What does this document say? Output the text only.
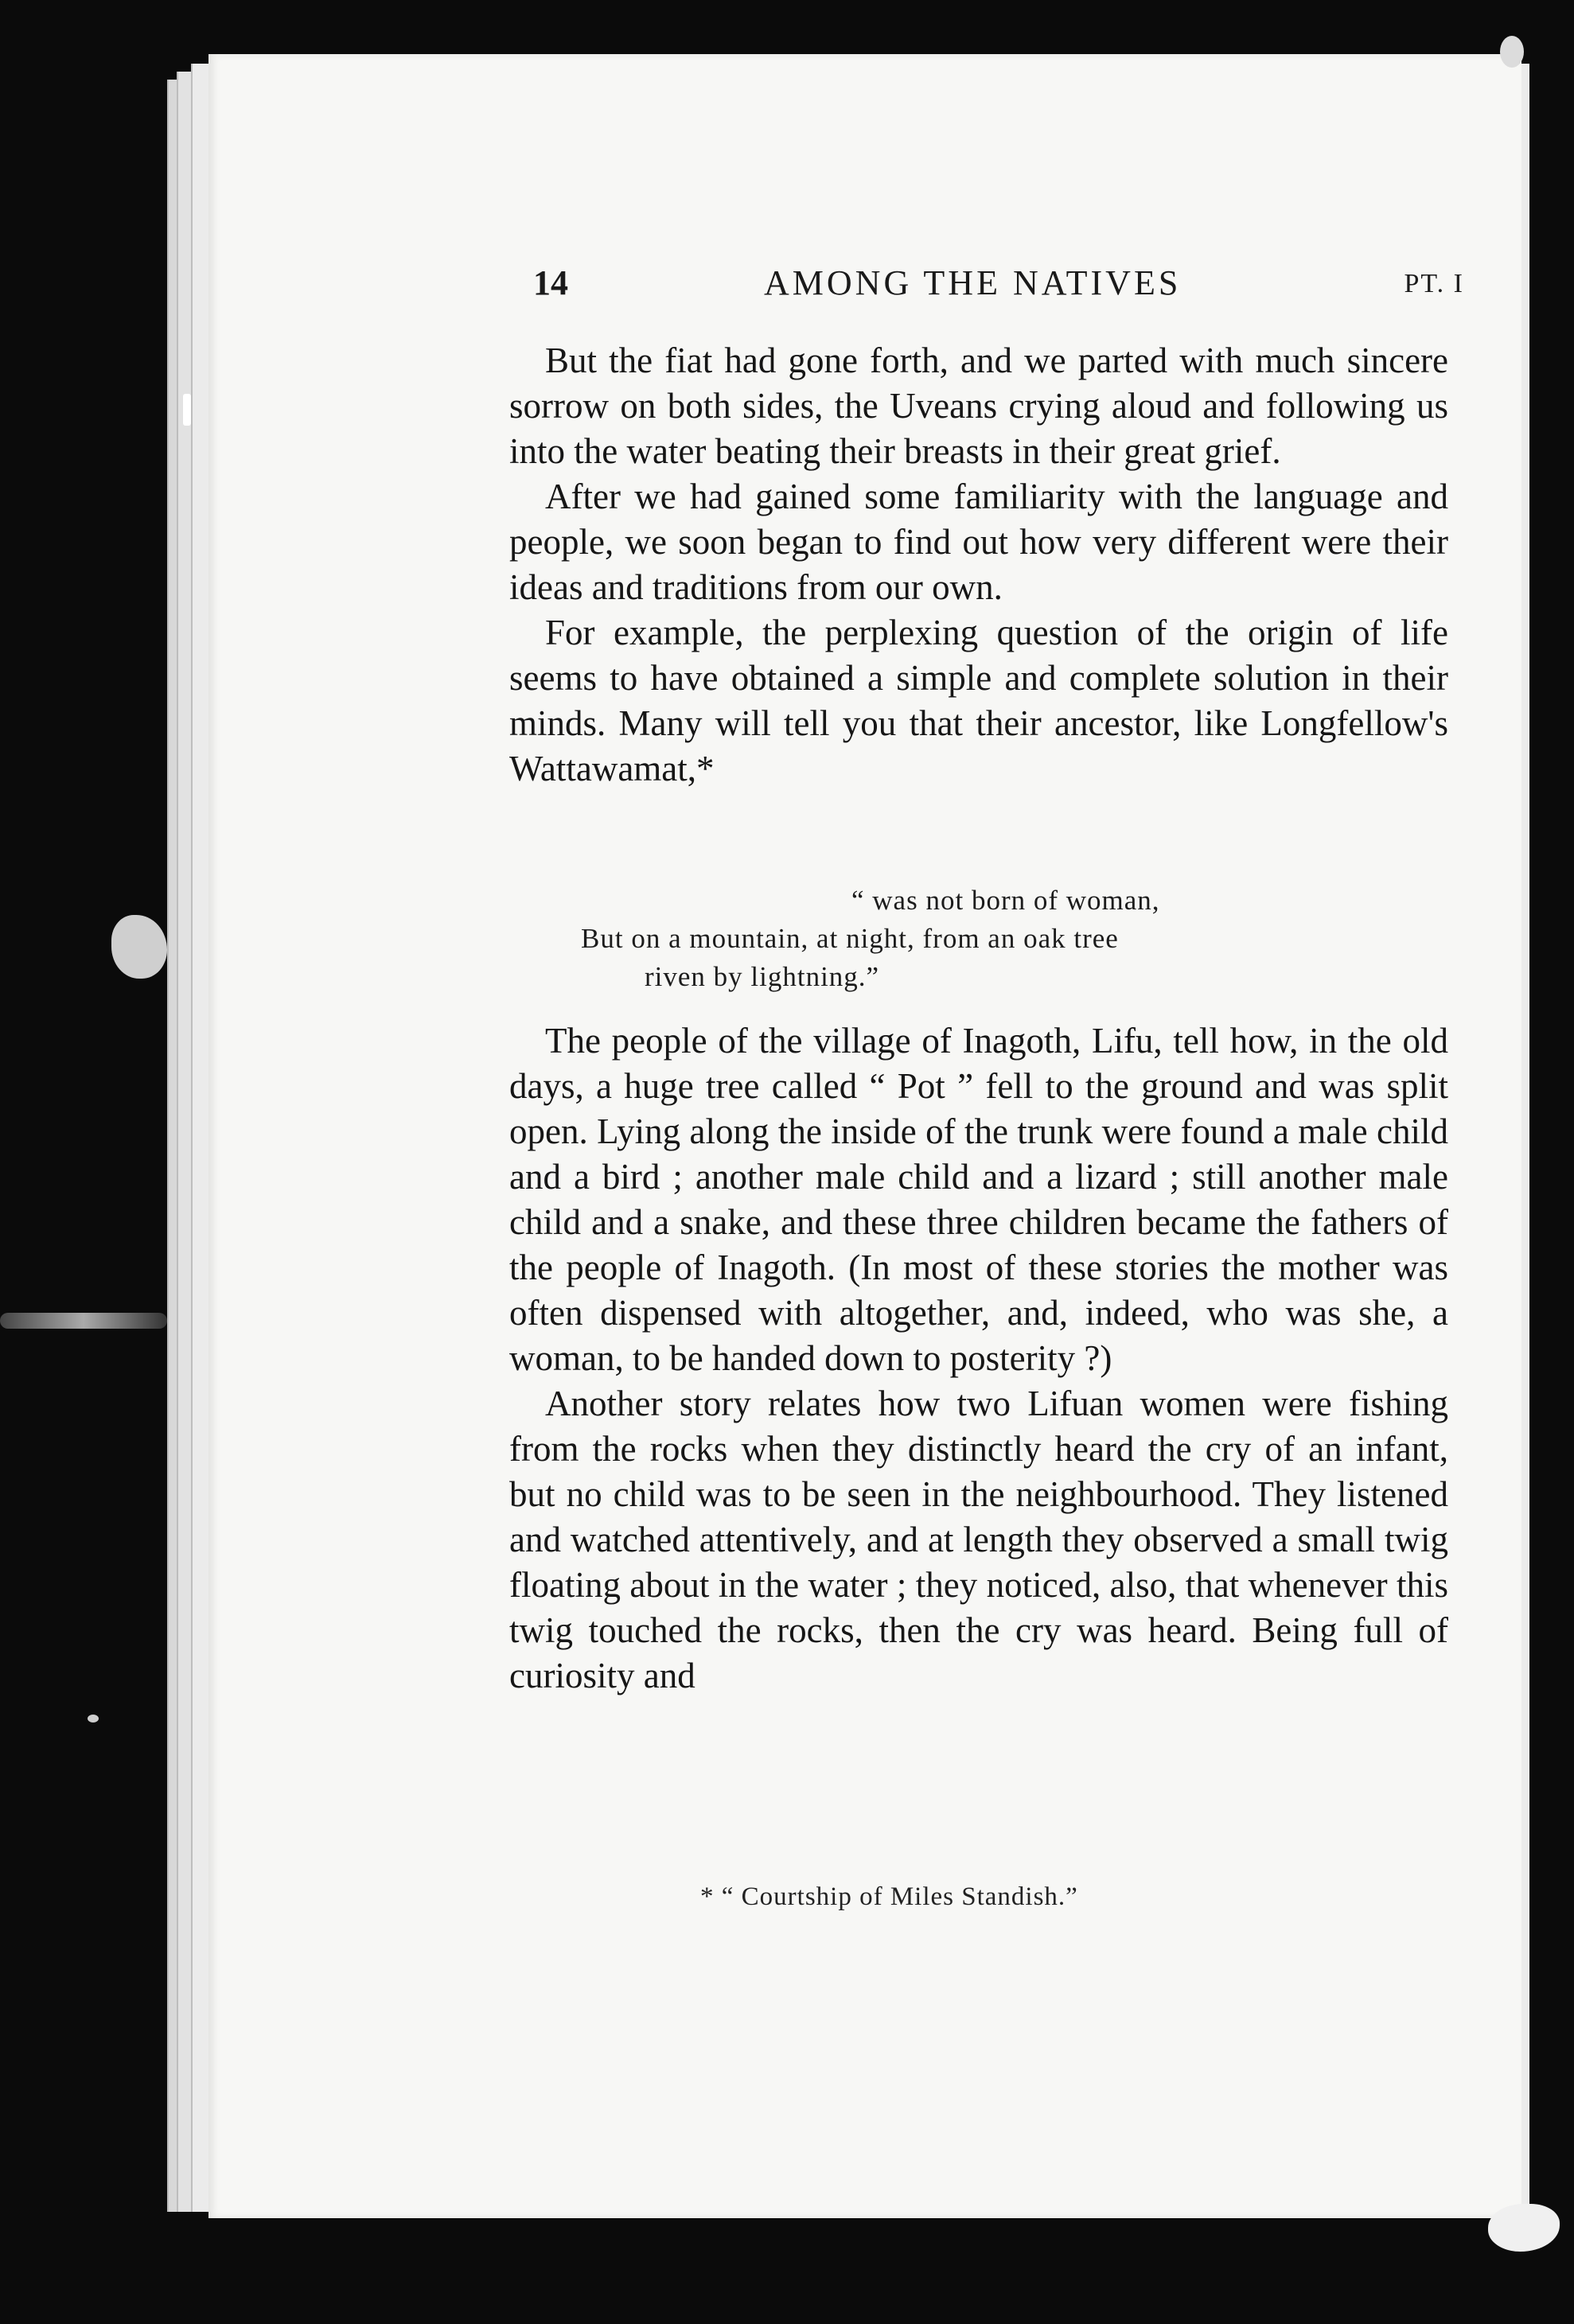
14	AMONG THE NATIVES	PT. I

But the fiat had gone forth, and we parted with much sincere sorrow on both sides, the Uveans crying aloud and following us into the water beating their breasts in their great grief.

After we had gained some familiarity with the language and people, we soon began to find out how very different were their ideas and traditions from our own.

For example, the perplexing question of the origin of life seems to have obtained a simple and complete solution in their minds. Many will tell you that their ancestor, like Longfellow's Wattawamat,*

“ was not born of woman,
But on a mountain, at night, from an oak tree
riven by lightning.”

The people of the village of Inagoth, Lifu, tell how, in the old days, a huge tree called “ Pot ” fell to the ground and was split open. Lying along the inside of the trunk were found a male child and a bird ; another male child and a lizard ; still another male child and a snake, and these three children became the fathers of the people of Inagoth. (In most of these stories the mother was often dispensed with altogether, and, indeed, who was she, a woman, to be handed down to posterity ?)

Another story relates how two Lifuan women were fishing from the rocks when they distinctly heard the cry of an infant, but no child was to be seen in the neighbourhood. They listened and watched attentively, and at length they observed a small twig floating about in the water ; they noticed, also, that whenever this twig touched the rocks, then the cry was heard. Being full of curiosity and

* “ Courtship of Miles Standish.”
